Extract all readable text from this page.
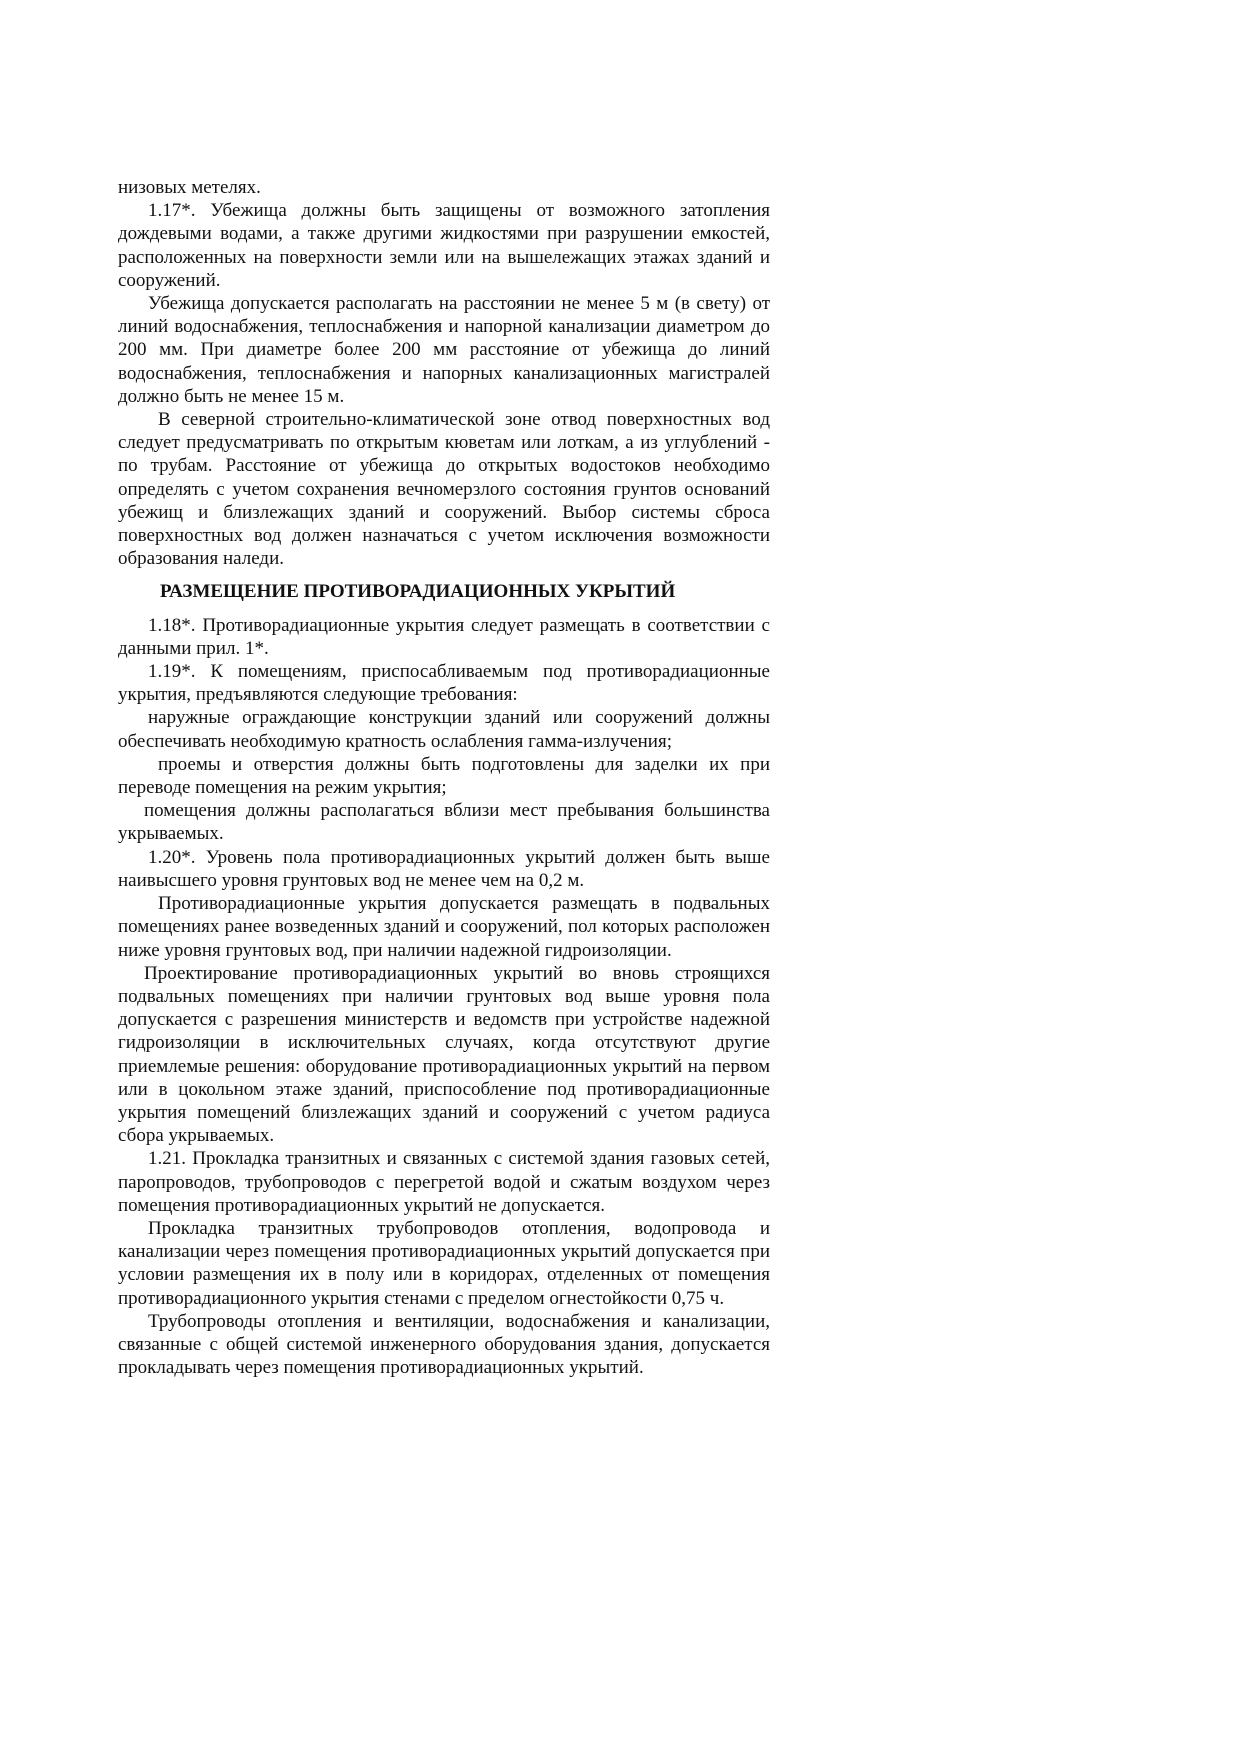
низовых метелях.

1.17*. Убежища должны быть защищены от возможного затопления дождевыми водами, а также другими жидкостями при разрушении емкостей, расположенных на поверхности земли или на вышележащих этажах зданий и сооружений.

Убежища допускается располагать на расстоянии не менее 5 м (в свету) от линий водоснабжения, теплоснабжения и напорной канализации диаметром до 200 мм. При диаметре более 200 мм расстояние от убежища до линий водоснабжения, теплоснабжения и напорных канализационных магистралей должно быть не менее 15 м.

В северной строительно-климатической зоне отвод поверхностных вод следует предусматривать по открытым кюветам или лоткам, а из углублений - по трубам. Расстояние от убежища до открытых водостоков необходимо определять с учетом сохранения вечномерзлого состояния грунтов оснований убежищ и близлежащих зданий и сооружений. Выбор системы сброса поверхностных вод должен назначаться с учетом исключения возможности образования наледи.

РАЗМЕЩЕНИЕ ПРОТИВОРАДИАЦИОННЫХ УКРЫТИЙ

1.18*. Противорадиационные укрытия следует размещать в соответствии с данными прил. 1*.

1.19*. К помещениям, приспосабливаемым под противорадиационные укрытия, предъявляются следующие требования:

наружные ограждающие конструкции зданий или сооружений должны обеспечивать необходимую кратность ослабления гамма-излучения;

проемы и отверстия должны быть подготовлены для заделки их при переводе помещения на режим укрытия;

помещения должны располагаться вблизи мест пребывания большинства укрываемых.

1.20*. Уровень пола противорадиационных укрытий должен быть выше наивысшего уровня грунтовых вод не менее чем на 0,2 м.

Противорадиационные укрытия допускается размещать в подвальных помещениях ранее возведенных зданий и сооружений, пол которых расположен ниже уровня грунтовых вод, при наличии надежной гидроизоляции.

Проектирование противорадиационных укрытий во вновь строящихся подвальных помещениях при наличии грунтовых вод выше уровня пола допускается с разрешения министерств и ведомств при устройстве надежной гидроизоляции в исключительных случаях, когда отсутствуют другие приемлемые решения: оборудование противорадиационных укрытий на первом или в цокольном этаже зданий, приспособление под противорадиационные укрытия помещений близлежащих зданий и сооружений с учетом радиуса сбора укрываемых.

1.21. Прокладка транзитных и связанных с системой здания газовых сетей, паропроводов, трубопроводов с перегретой водой и сжатым воздухом через помещения противорадиационных укрытий не допускается.

Прокладка транзитных трубопроводов отопления, водопровода и канализации через помещения противорадиационных укрытий допускается при условии размещения их в полу или в коридорах, отделенных от помещения противорадиационного укрытия стенами с пределом огнестойкости 0,75 ч.

Трубопроводы отопления и вентиляции, водоснабжения и канализации, связанные с общей системой инженерного оборудования здания, допускается прокладывать через помещения противорадиационных укрытий.
